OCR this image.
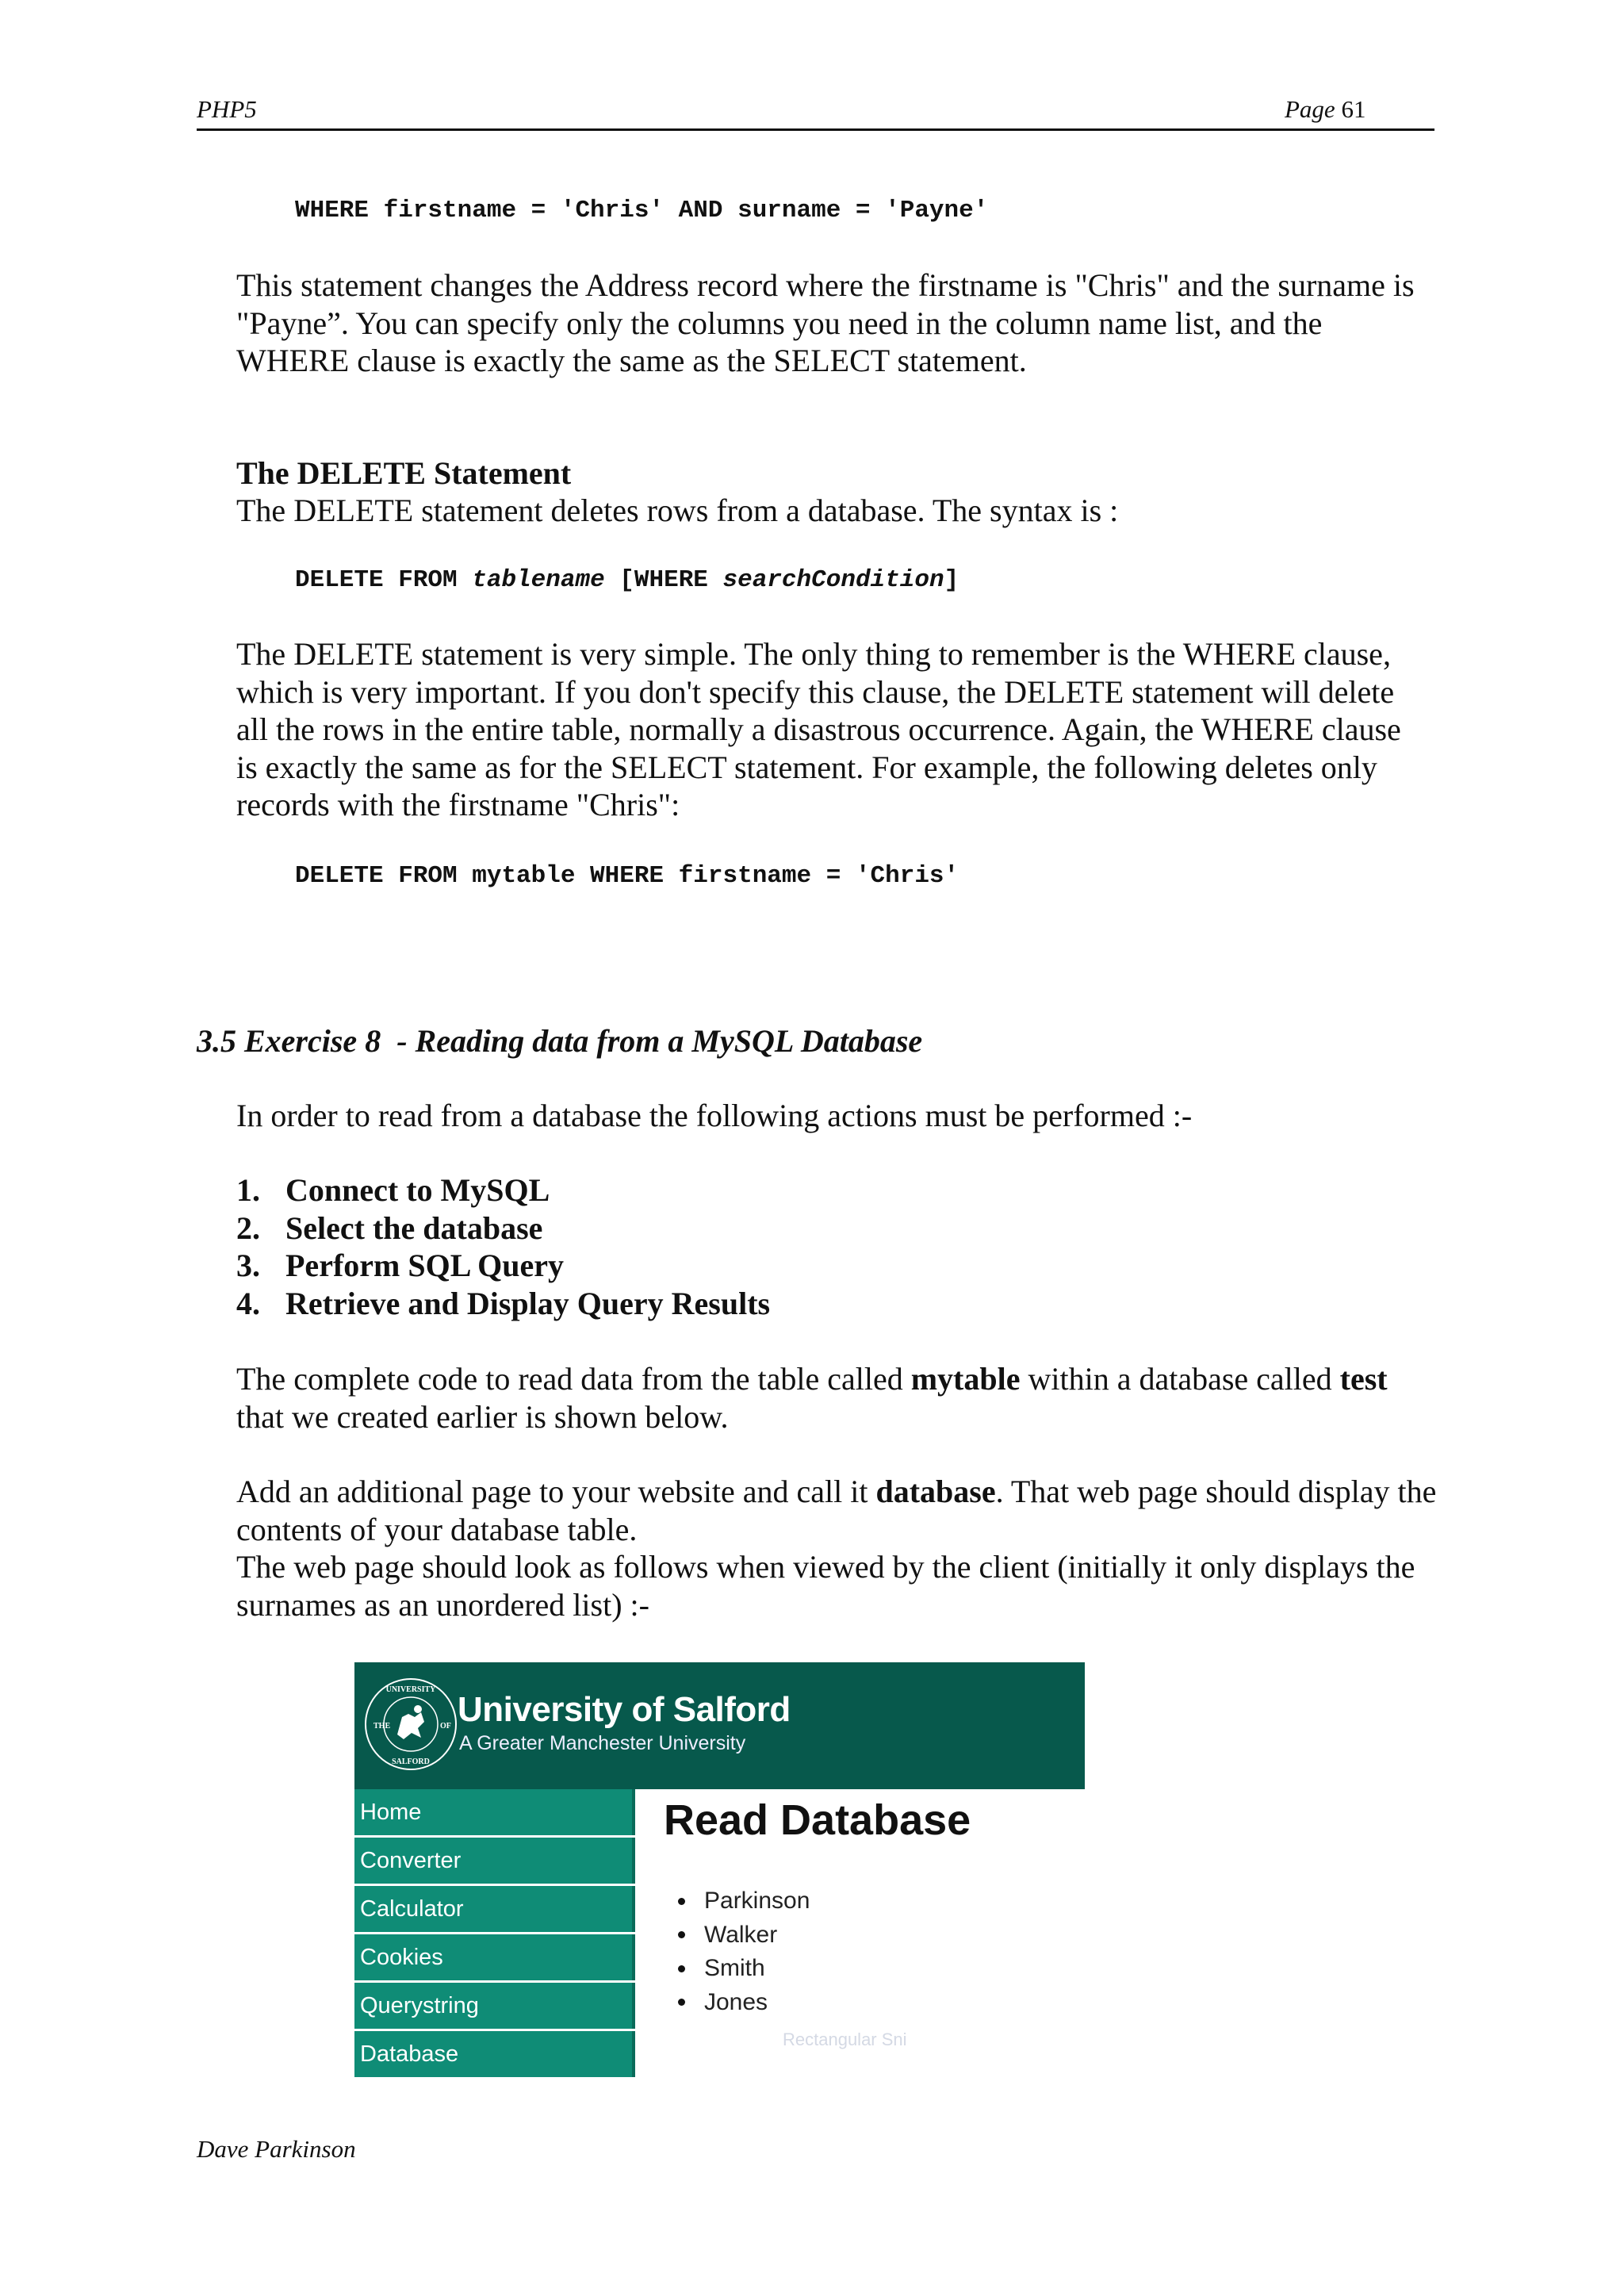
PHP5	Page 61
WHERE firstname = 'Chris' AND surname = 'Payne'
This statement changes the Address record where the firstname is "Chris" and the surname is "Payne”. You can specify only the columns you need in the column name list, and the WHERE clause is exactly the same as the SELECT statement.
The DELETE Statement
The DELETE statement deletes rows from a database. The syntax is :
DELETE FROM tablename [WHERE searchCondition]
The DELETE statement is very simple. The only thing to remember is the WHERE clause, which is very important. If you don't specify this clause, the DELETE statement will delete all the rows in the entire table, normally a disastrous occurrence. Again, the WHERE clause is exactly the same as for the SELECT statement. For example, the following deletes only records with the firstname "Chris":
DELETE FROM mytable WHERE firstname = 'Chris'
3.5 Exercise 8  - Reading data from a MySQL Database
In order to read from a database the following actions must be performed :-
1. Connect to MySQL
2. Select the database
3. Perform SQL Query
4. Retrieve and Display Query Results
The complete code to read data from the table called mytable within a database called test that we created earlier is shown below.
Add an additional page to your website and call it database. That web page should display the contents of your database table.
The web page should look as follows when viewed by the client (initially it only displays the surnames as an unordered list) :-
UNIVERSITY
SALFORD
THE	OF University of Salford
A Greater Manchester University
Home
Converter
Calculator
Cookies
Querystring
Database
Read Database
Parkinson
Walker
Smith
Jones
Rectangular Sni
Dave Parkinson
